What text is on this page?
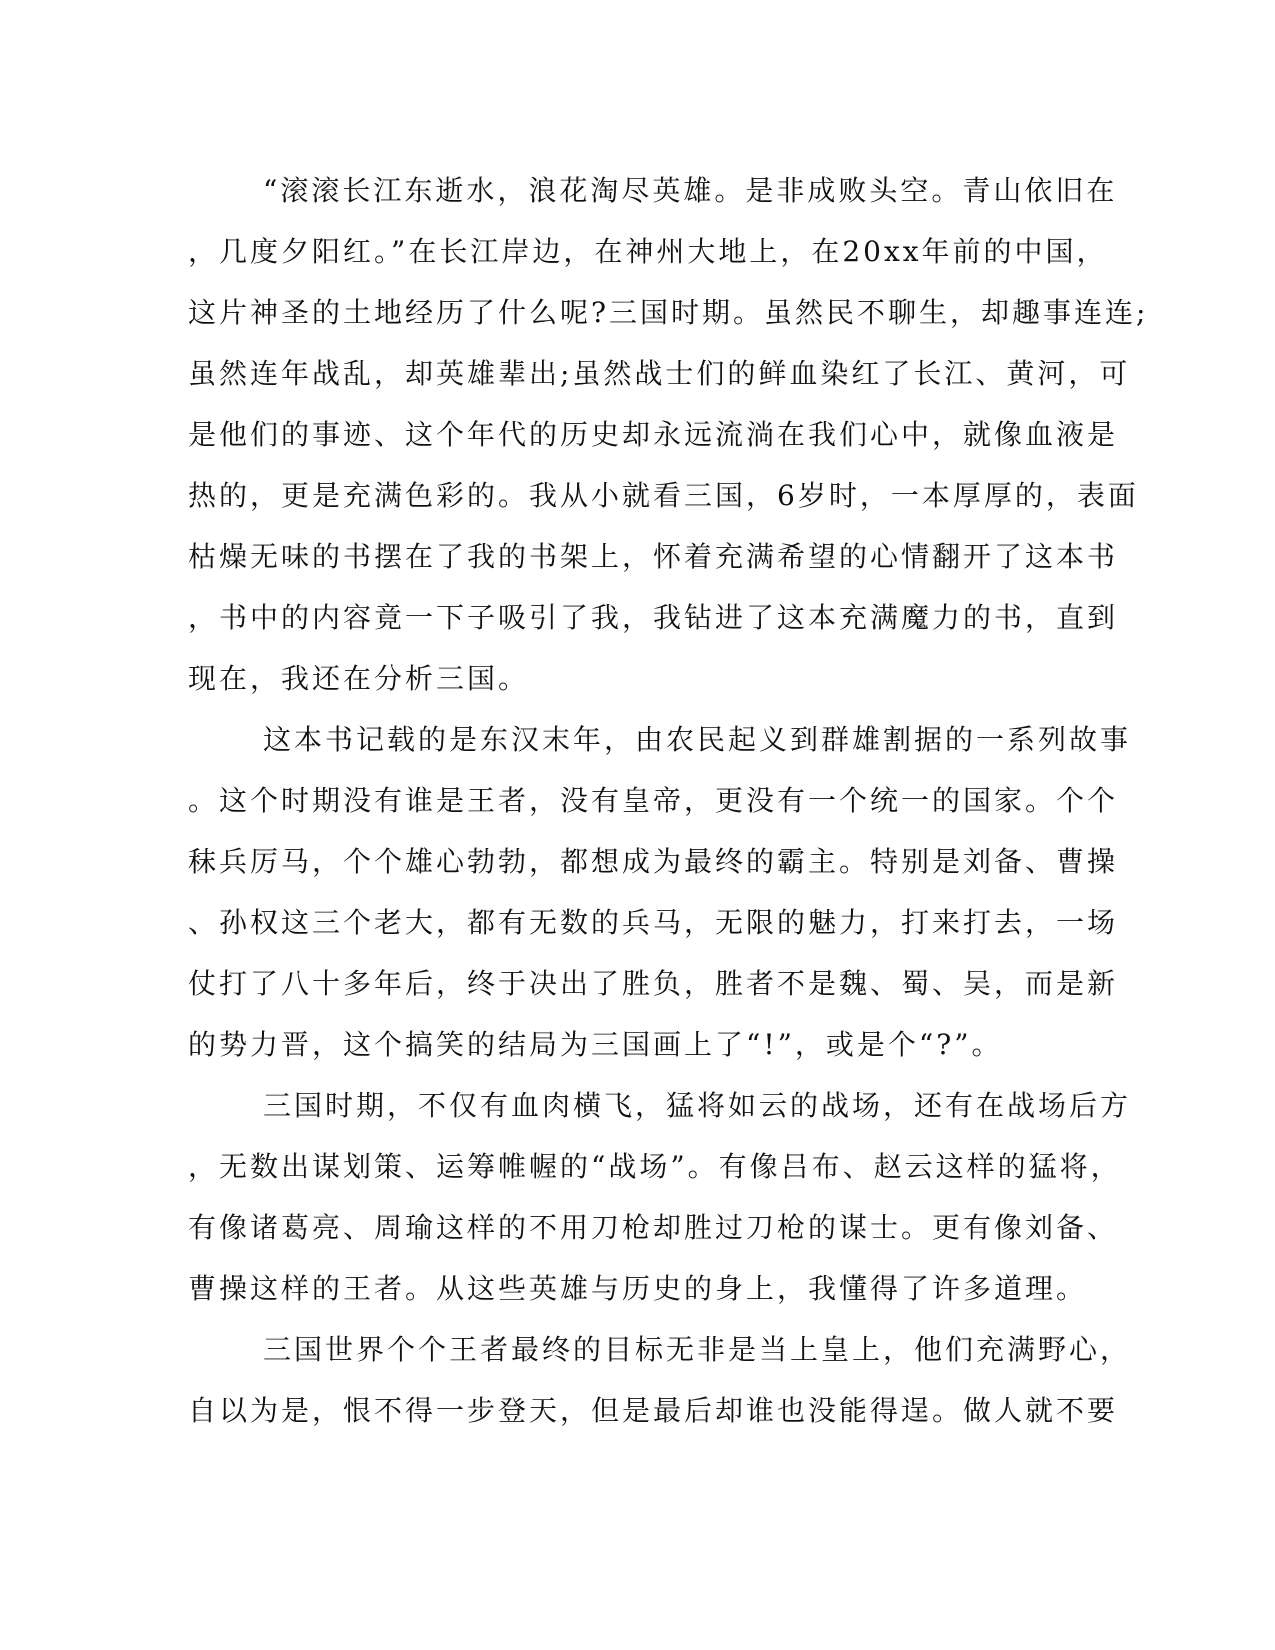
“滚滚长江东逝水，浪花淘尽英雄。是非成败头空。青山依旧在
，几度夕阳红。”在长江岸边，在神州大地上，在20xx年前的中国，
这片神圣的土地经历了什么呢?三国时期。虽然民不聊生，却趣事连连;
虽然连年战乱，却英雄辈出;虽然战士们的鲜血染红了长江、黄河，可
是他们的事迹、这个年代的历史却永远流淌在我们心中，就像血液是
热的，更是充满色彩的。我从小就看三国，6岁时，一本厚厚的，表面
枯燥无味的书摆在了我的书架上，怀着充满希望的心情翻开了这本书
，书中的内容竟一下子吸引了我，我钻进了这本充满魔力的书，直到
现在，我还在分析三国。
这本书记载的是东汉末年，由农民起义到群雄割据的一系列故事
。这个时期没有谁是王者，没有皇帝，更没有一个统一的国家。个个
秣兵厉马，个个雄心勃勃，都想成为最终的霸主。特别是刘备、曹操
、孙权这三个老大，都有无数的兵马，无限的魅力，打来打去，一场
仗打了八十多年后，终于决出了胜负，胜者不是魏、蜀、吴，而是新
的势力晋，这个搞笑的结局为三国画上了“!”，或是个“?”。
三国时期，不仅有血肉横飞，猛将如云的战场，还有在战场后方
，无数出谋划策、运筹帷幄的“战场”。有像吕布、赵云这样的猛将，
有像诸葛亮、周瑜这样的不用刀枪却胜过刀枪的谋士。更有像刘备、
曹操这样的王者。从这些英雄与历史的身上，我懂得了许多道理。
三国世界个个王者最终的目标无非是当上皇上，他们充满野心，
自以为是，恨不得一步登天，但是最后却谁也没能得逞。做人就不要
